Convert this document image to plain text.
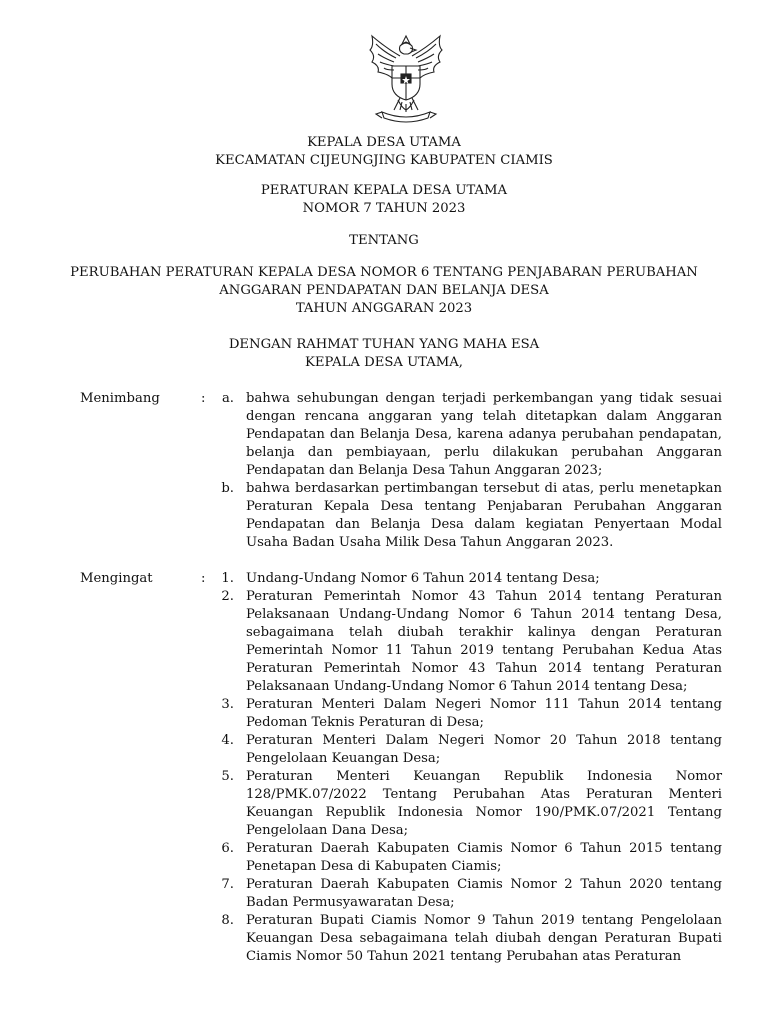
KEPALA DESA UTAMA
KECAMATAN CIJEUNGJING KABUPATEN CIAMIS
PERATURAN KEPALA DESA UTAMA
NOMOR 7 TAHUN 2023
TENTANG
PERUBAHAN PERATURAN KEPALA DESA NOMOR 6 TENTANG PENJABARAN PERUBAHAN
ANGGARAN PENDAPATAN DAN BELANJA DESA
TAHUN ANGGARAN 2023
DENGAN RAHMAT TUHAN YANG MAHA ESA
KEPALA DESA UTAMA,
Menimbang	:	a. bahwa sehubungan dengan terjadi perkembangan yang tidak sesuai dengan rencana anggaran yang telah ditetapkan dalam Anggaran Pendapatan dan Belanja Desa, karena adanya perubahan pendapatan, belanja dan pembiayaan, perlu dilakukan perubahan Anggaran Pendapatan dan Belanja Desa Tahun Anggaran 2023;
b. bahwa berdasarkan pertimbangan tersebut di atas, perlu menetapkan Peraturan Kepala Desa tentang Penjabaran Perubahan Anggaran Pendapatan dan Belanja Desa dalam kegiatan Penyertaan Modal Usaha Badan Usaha Milik Desa Tahun Anggaran 2023.
Mengingat	:	1. Undang-Undang Nomor 6 Tahun 2014 tentang Desa;
2. Peraturan Pemerintah Nomor 43 Tahun 2014 tentang Peraturan Pelaksanaan Undang-Undang Nomor 6 Tahun 2014 tentang Desa, sebagaimana telah diubah terakhir kalinya dengan Peraturan Pemerintah Nomor 11 Tahun 2019 tentang Perubahan Kedua Atas Peraturan Pemerintah Nomor 43 Tahun 2014 tentang Peraturan Pelaksanaan Undang-Undang Nomor 6 Tahun 2014 tentang Desa;
3. Peraturan Menteri Dalam Negeri Nomor 111 Tahun 2014 tentang Pedoman Teknis Peraturan di Desa;
4. Peraturan Menteri Dalam Negeri Nomor 20 Tahun 2018 tentang Pengelolaan Keuangan Desa;
5. Peraturan Menteri Keuangan Republik Indonesia Nomor 128/PMK.07/2022 Tentang Perubahan Atas Peraturan Menteri Keuangan Republik Indonesia Nomor 190/PMK.07/2021 Tentang Pengelolaan Dana Desa;
6. Peraturan Daerah Kabupaten Ciamis Nomor 6 Tahun 2015 tentang Penetapan Desa di Kabupaten Ciamis;
7. Peraturan Daerah Kabupaten Ciamis Nomor 2 Tahun 2020 tentang Badan Permusyawaratan Desa;
8. Peraturan Bupati Ciamis Nomor 9 Tahun 2019 tentang Pengelolaan Keuangan Desa sebagaimana telah diubah dengan Peraturan Bupati Ciamis Nomor 50 Tahun 2021 tentang Perubahan atas Peraturan
